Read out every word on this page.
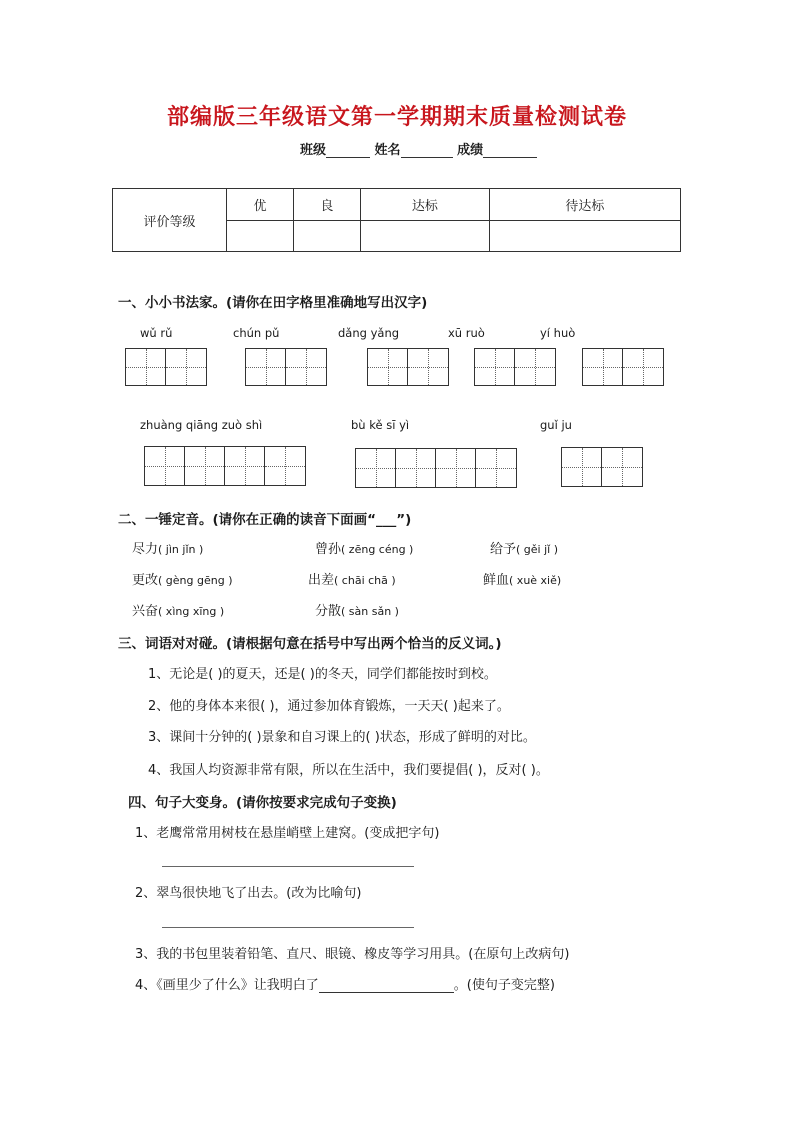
部编版三年级语文第一学期期末质量检测试卷
班级	姓名	成绩
评价等级	优	良	达标	待达标

一、小小书法家。(请你在田字格里准确地写出汉字)
wǔ rǔ	chún pǔ	dǎng yǎng	xū ruò	yí huò
zhuàng qiāng zuò shì	bù kě sī yì	guǐ ju
二、一锤定音。(请你在正确的读音下面画“___”)
尽力( jìn jǐn )	曾孙( zēng céng )	给予( gěi jǐ )
更改( gèng gēng )	出差( chāi chā )	鲜血( xuè xiě)
兴奋( xìng xīng )	分散( sàn sǎn )
三、词语对对碰。(请根据句意在括号中写出两个恰当的反义词。)
1、无论是( )的夏天，还是( )的冬天，同学们都能按时到校。
2、他的身体本来很( )，通过参加体育锻炼，一天天( )起来了。
3、课间十分钟的( )景象和自习课上的( )状态，形成了鲜明的对比。
4、我国人均资源非常有限，所以在生活中，我们要提倡( )，反对( )。
四、句子大变身。(请你按要求完成句子变换)
1、老鹰常常用树枝在悬崖峭壁上建窝。(变成把字句)
2、翠鸟很快地飞了出去。(改为比喻句)
3、我的书包里装着铅笔、直尺、眼镜、橡皮等学习用具。(在原句上改病句)
4、《画里少了什么》让我明白了	。(使句子变完整)
